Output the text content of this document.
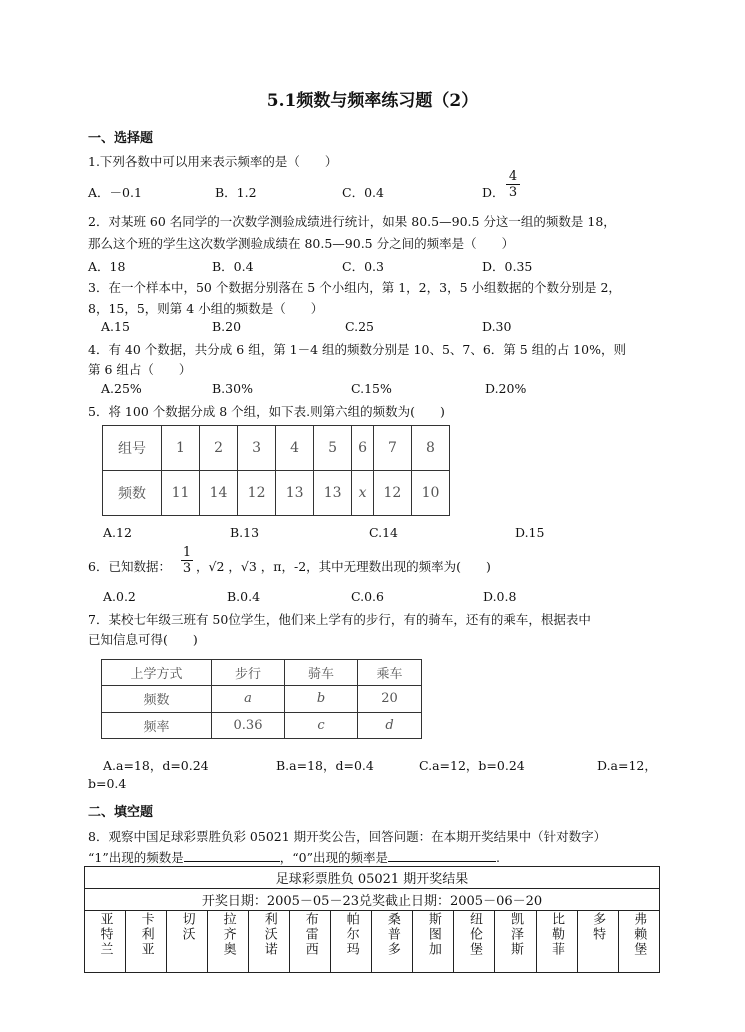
5.1频数与频率练习题（2）
一、选择题
1.下列各数中可以用来表示频率的是（　　）
A．－0.1	B．1.2	C．0.4	D．
4
3
2．对某班 60 名同学的一次数学测验成绩进行统计，如果 80.5—90.5 分这一组的频数是 18，
那么这个班的学生这次数学测验成绩在 80.5—90.5 分之间的频率是（　　）
A．18	B．0.4	C．0.3	D．0.35
3．在一个样本中，50 个数据分别落在 5 个小组内，第 1，2，3，5 小组数据的个数分别是 2，
8，15，5，则第 4 小组的频数是（　　）
A.15	B.20	C.25	D.30
4．有 40 个数据，共分成 6 组，第 1－4 组的频数分别是 10、5、7、6．第 5 组的占 10%，则
第 6 组占（　　）
A.25%	B.30%	C.15%	D.20%
5．将 100 个数据分成 8 个组，如下表.则第六组的频数为(　　)
组号	1	2	3	4	5	6	7	8
频数	11	14	12	13	13	x	12	10
A.12	B.13	C.14	D.15
6．已知数据：
1
3 ，√2 ，√3 ，π，-2，其中无理数出现的频率为(　　)
A.0.2	B.0.4	C.0.6	D.0.8
7．某校七年级三班有 50位学生，他们来上学有的步行，有的骑车，还有的乘车，根据表中
已知信息可得(　　)
上学方式	步行	骑车	乘车
频数	a	b	20
频率	0.36	c	d
A.a=18，d=0.24	B.a=18，d=0.4	C.a=12，b=0.24	D.a=12，
b=0.4
二、填空题
8．观察中国足球彩票胜负彩 05021 期开奖公告，回答问题：在本期开奖结果中（针对数字）
“1”出现的频数是	，“0”出现的频率是	.
足球彩票胜负 05021 期开奖结果
开奖日期：2005－05－23兑奖截止日期：2005－06－20
亚特兰	卡利亚	切沃	拉齐奥	利沃诺	布雷西	帕尔玛	桑普多	斯图加	纽伦堡	凯泽斯	比勒菲	多特	弗赖堡
